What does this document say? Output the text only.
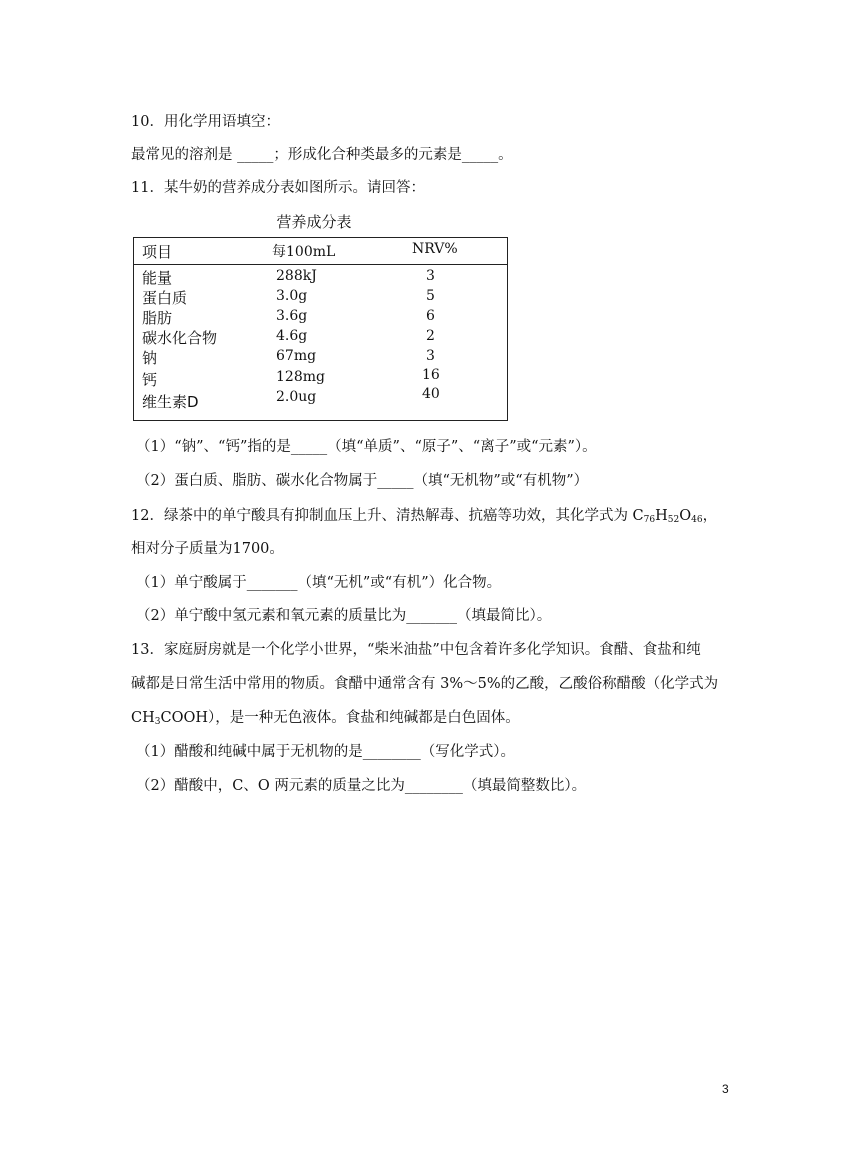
10．用化学用语填空：
最常见的溶剂是 _____；形成化合种类最多的元素是_____。
11．某牛奶的营养成分表如图所示。请回答：
营养成分表
项目	每100mL	NRV%
能量	288kJ	3
蛋白质	3.0g	5
脂肪	3.6g	6
碳水化合物	4.6g	2
钠	67mg	3
钙	128mg	16
维生素D	2.0ug	40
（1）“钠”、“钙”指的是_____（填“单质”、“原子”、“离子”或“元素”）。
（2）蛋白质、脂肪、碳水化合物属于_____（填“无机物”或“有机物”）
12．绿茶中的单宁酸具有抑制血压上升、清热解毒、抗癌等功效，其化学式为 $C_{76}H_{52}O_{46}$，
相对分子质量为1700。
（1）单宁酸属于_______（填“无机”或“有机”）化合物。
（2）单宁酸中氢元素和氧元素的质量比为_______（填最简比）。
13．家庭厨房就是一个化学小世界，“柴米油盐”中包含着许多化学知识。食醋、食盐和纯
碱都是日常生活中常用的物质。食醋中通常含有 3%～5%的乙酸，乙酸俗称醋酸（化学式为
$CH_3COOH$），是一种无色液体。食盐和纯碱都是白色固体。
（1）醋酸和纯碱中属于无机物的是________（写化学式）。
（2）醋酸中，C、O 两元素的质量之比为________（填最简整数比）。
3
